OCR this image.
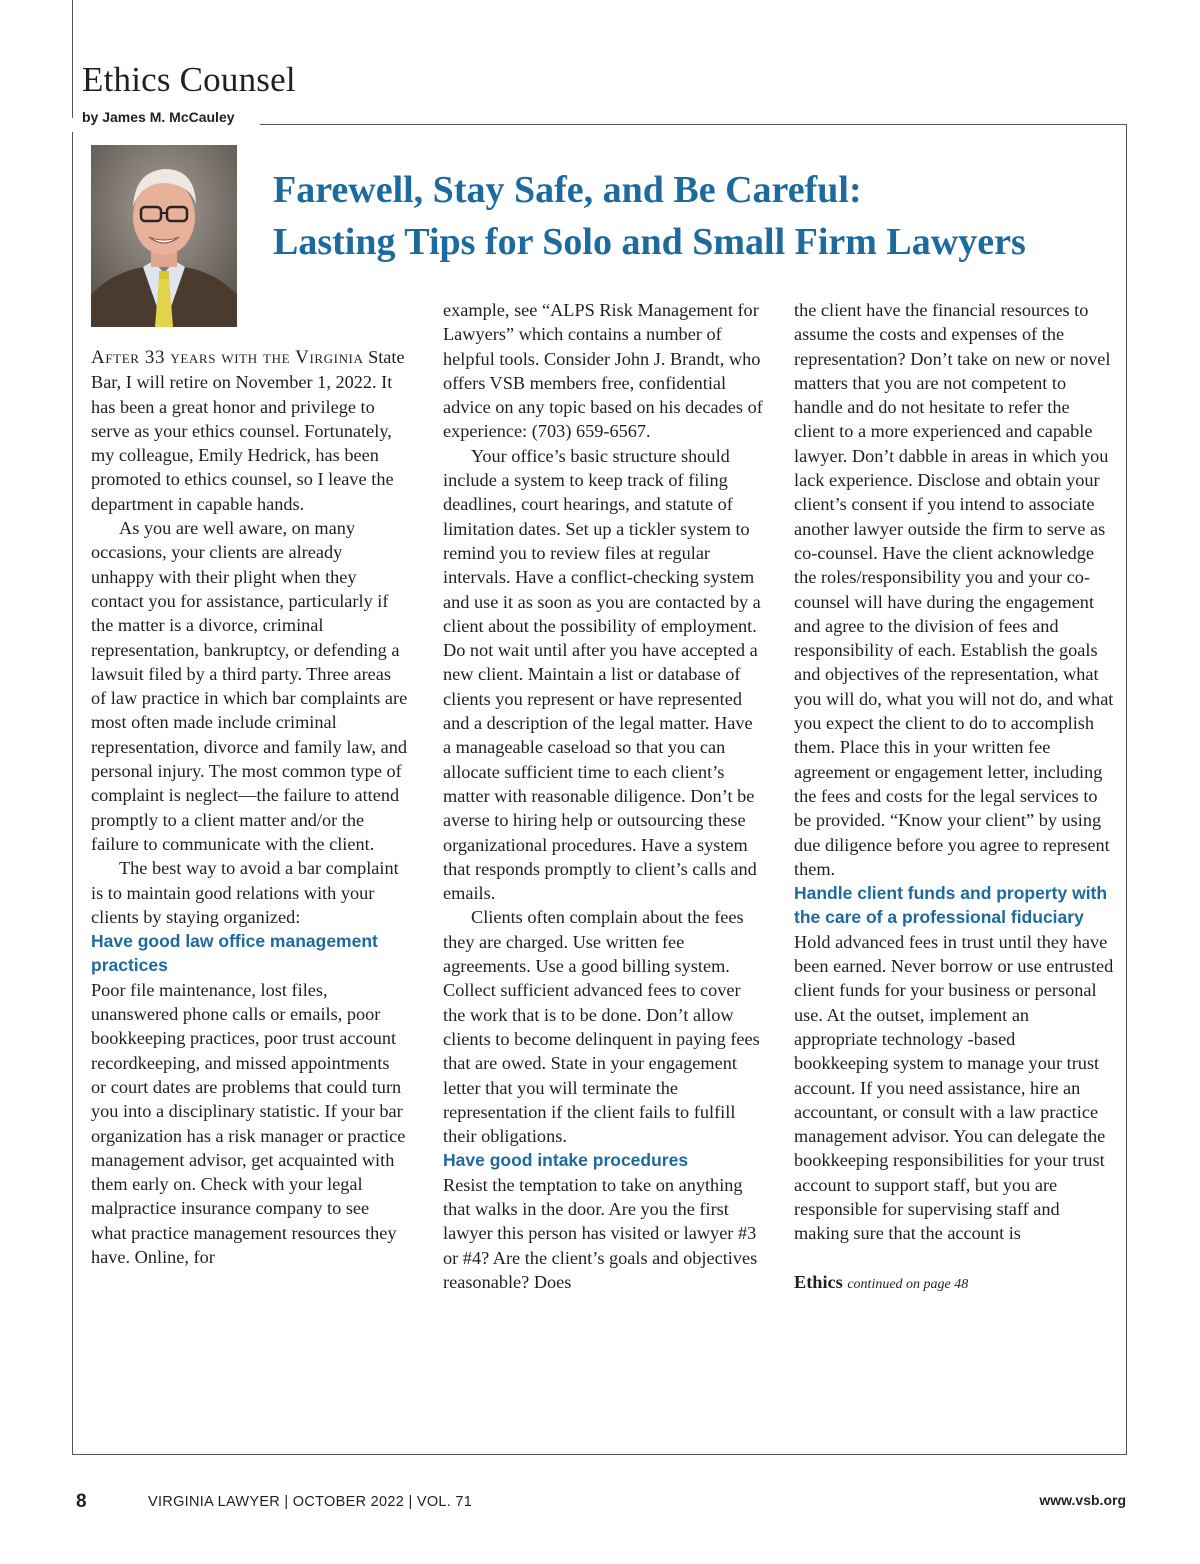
Ethics Counsel
by James M. McCauley
Farewell, Stay Safe, and Be Careful:
Lasting Tips for Solo and Small Firm Lawyers

After 33 years with the Virginia State Bar, I will retire on November 1, 2022. It has been a great honor and privilege to serve as your ethics counsel. Fortunately, my colleague, Emily Hedrick, has been promoted to ethics counsel, so I leave the department in capable hands.

As you are well aware, on many occasions, your clients are already unhappy with their plight when they contact you for assistance, particularly if the matter is a divorce, criminal representation, bankruptcy, or defending a lawsuit filed by a third party. Three areas of law practice in which bar complaints are most often made include criminal representation, divorce and family law, and personal injury. The most common type of complaint is neglect—the failure to attend promptly to a client matter and/or the failure to communicate with the client.

The best way to avoid a bar complaint is to maintain good relations with your clients by staying organized:

Have good law office management practices

Poor file maintenance, lost files, unanswered phone calls or emails, poor bookkeeping practices, poor trust account recordkeeping, and missed appointments or court dates are problems that could turn you into a disciplinary statistic. If your bar organization has a risk manager or practice management advisor, get acquainted with them early on. Check with your legal malpractice insurance company to see what practice management resources they have. Online, for

example, see “ALPS Risk Management for Lawyers” which contains a number of helpful tools. Consider John J. Brandt, who offers VSB members free, confidential advice on any topic based on his decades of experience: (703) 659-6567.

Your office’s basic structure should include a system to keep track of filing deadlines, court hearings, and statute of limitation dates. Set up a tickler system to remind you to review files at regular intervals. Have a conflict-checking system and use it as soon as you are contacted by a client about the possibility of employment. Do not wait until after you have accepted a new client. Maintain a list or database of clients you represent or have represented and a description of the legal matter. Have a manageable caseload so that you can allocate sufficient time to each client’s matter with reasonable diligence. Don’t be averse to hiring help or outsourcing these organizational procedures. Have a system that responds promptly to client’s calls and emails.

Clients often complain about the fees they are charged. Use written fee agreements. Use a good billing system. Collect sufficient advanced fees to cover the work that is to be done. Don’t allow clients to become delinquent in paying fees that are owed. State in your engagement letter that you will terminate the representation if the client fails to fulfill their obligations.

Have good intake procedures

Resist the temptation to take on anything that walks in the door. Are you the first lawyer this person has visited or lawyer #3 or #4? Are the client’s goals and objectives reasonable? Does

the client have the financial resources to assume the costs and expenses of the representation? Don’t take on new or novel matters that you are not competent to handle and do not hesitate to refer the client to a more experienced and capable lawyer. Don’t dabble in areas in which you lack experience. Disclose and obtain your client’s consent if you intend to associate another lawyer outside the firm to serve as co-counsel. Have the client acknowledge the roles/responsibility you and your co-counsel will have during the engagement and agree to the division of fees and responsibility of each. Establish the goals and objectives of the representation, what you will do, what you will not do, and what you expect the client to do to accomplish them. Place this in your written fee agreement or engagement letter, including the fees and costs for the legal services to be provided. “Know your client” by using due diligence before you agree to represent them.

Handle client funds and property with the care of a professional fiduciary

Hold advanced fees in trust until they have been earned. Never borrow or use entrusted client funds for your business or personal use. At the outset, implement an appropriate technology -based bookkeeping system to manage your trust account. If you need assistance, hire an accountant, or consult with a law practice management advisor. You can delegate the bookkeeping responsibilities for your trust account to support staff, but you are responsible for supervising staff and making sure that the account is

Ethics continued on page 48

8	VIRGINIA LAWYER | OCTOBER 2022 | VOL. 71	www.vsb.org
